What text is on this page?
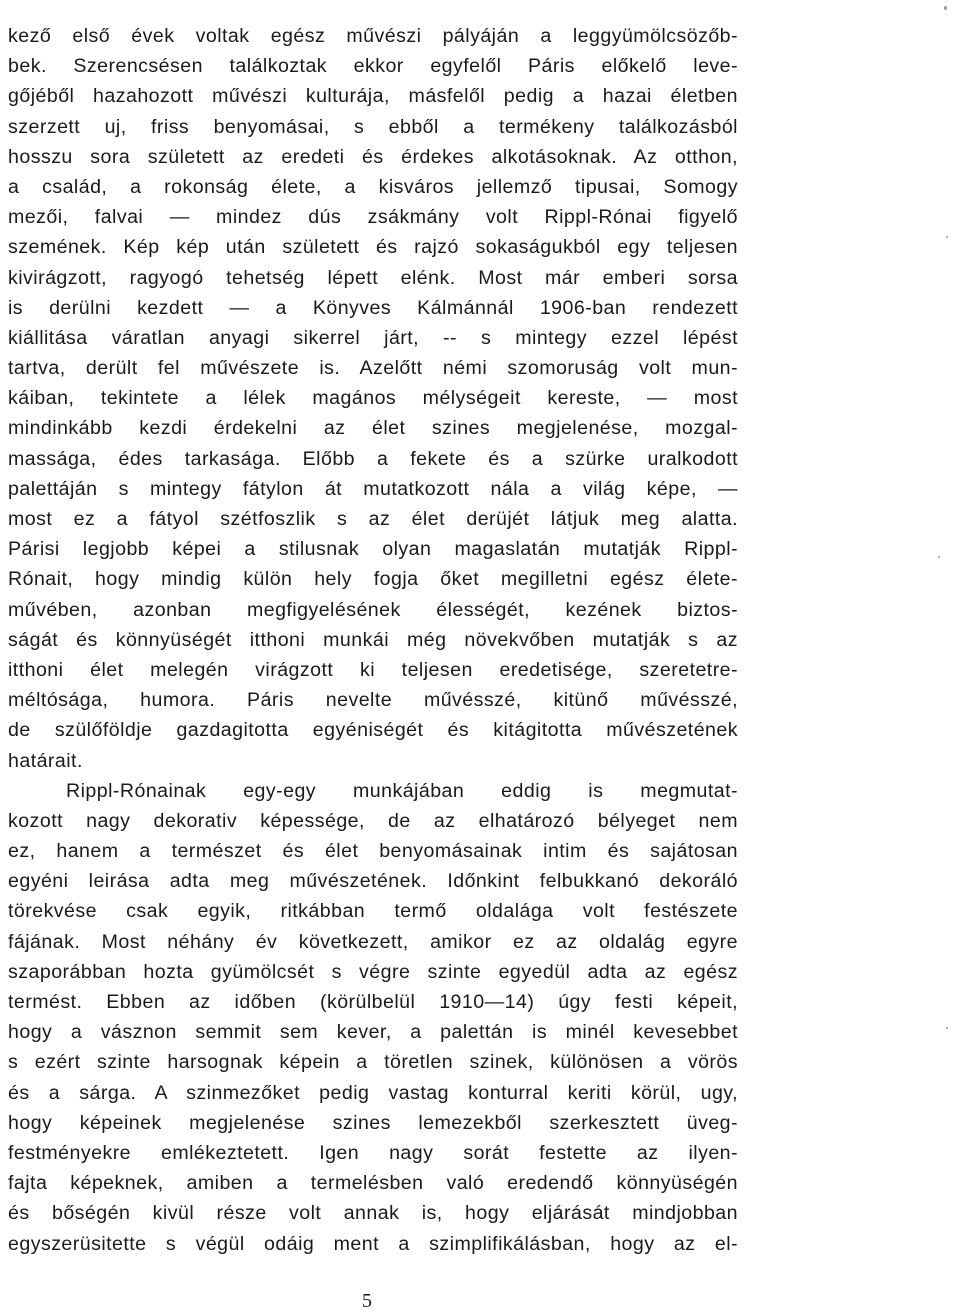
kező első évek voltak egész művészi pályáján a leggyümölcsözőb-
bek. Szerencsésen találkoztak ekkor egyfelől Páris előkelő leve-
gőjéből hazahozott művészi kulturája, másfelől pedig a hazai életben
szerzett uj, friss benyomásai, s ebből a termékeny találkozásból
hosszu sora született az eredeti és érdekes alkotásoknak. Az otthon,
a család, a rokonság élete, a kisváros jellemző tipusai, Somogy
mezői, falvai — mindez dús zsákmány volt Rippl-Rónai figyelő
szemének. Kép kép után született és rajzó sokaságukból egy teljesen
kivirágzott, ragyogó tehetség lépett elénk. Most már emberi sorsa
is derülni kezdett — a Könyves Kálmánnál 1906-ban rendezett
kiállitása váratlan anyagi sikerrel járt, -- s mintegy ezzel lépést
tartva, derült fel művészete is. Azelőtt némi szomoruság volt mun-
káiban, tekintete a lélek magános mélységeit kereste, — most
mindinkább kezdi érdekelni az élet szines megjelenése, mozgal-
massága, édes tarkasága. Előbb a fekete és a szürke uralkodott
palettáján s mintegy fátylon át mutatkozott nála a világ képe, —
most ez a fátyol szétfoszlik s az élet derüjét látjuk meg alatta.
Párisi legjobb képei a stilusnak olyan magaslatán mutatják Rippl-
Rónait, hogy mindig külön hely fogja őket megilletni egész élete-
művében, azonban megfigyelésének élességét, kezének biztos-
ságát és könnyüségét itthoni munkái még növekvőben mutatják s az
itthoni élet melegén virágzott ki teljesen eredetisége, szeretetre-
méltósága, humora. Páris nevelte művésszé, kitünő művésszé,
de szülőföldje gazdagitotta egyéniségét és kitágitotta művészetének
határait.
Rippl-Rónainak egy-egy munkájában eddig is megmutat-
kozott nagy dekorativ képessége, de az elhatározó bélyeget nem
ez, hanem a természet és élet benyomásainak intim és sajátosan
egyéni leirása adta meg művészetének. Időnkint felbukkanó dekoráló
törekvése csak egyik, ritkábban termő oldalága volt festészete
fájának. Most néhány év következett, amikor ez az oldalág egyre
szaporábban hozta gyümölcsét s végre szinte egyedül adta az egész
termést. Ebben az időben (körülbelül 1910—14) úgy festi képeit,
hogy a vásznon semmit sem kever, a palettán is minél kevesebbet
s ezért szinte harsognak képein a töretlen szinek, különösen a vörös
és a sárga. A szinmezőket pedig vastag konturral keriti körül, ugy,
hogy képeinek megjelenése szines lemezekből szerkesztett üveg-
festményekre emlékeztetett. Igen nagy sorát festette az ilyen-
fajta képeknek, amiben a termelésben való eredendő könnyüségén
és bőségén kivül része volt annak is, hogy eljárását mindjobban
egyszerüsitette s végül odáig ment a szimplifikálásban, hogy az el-
5
